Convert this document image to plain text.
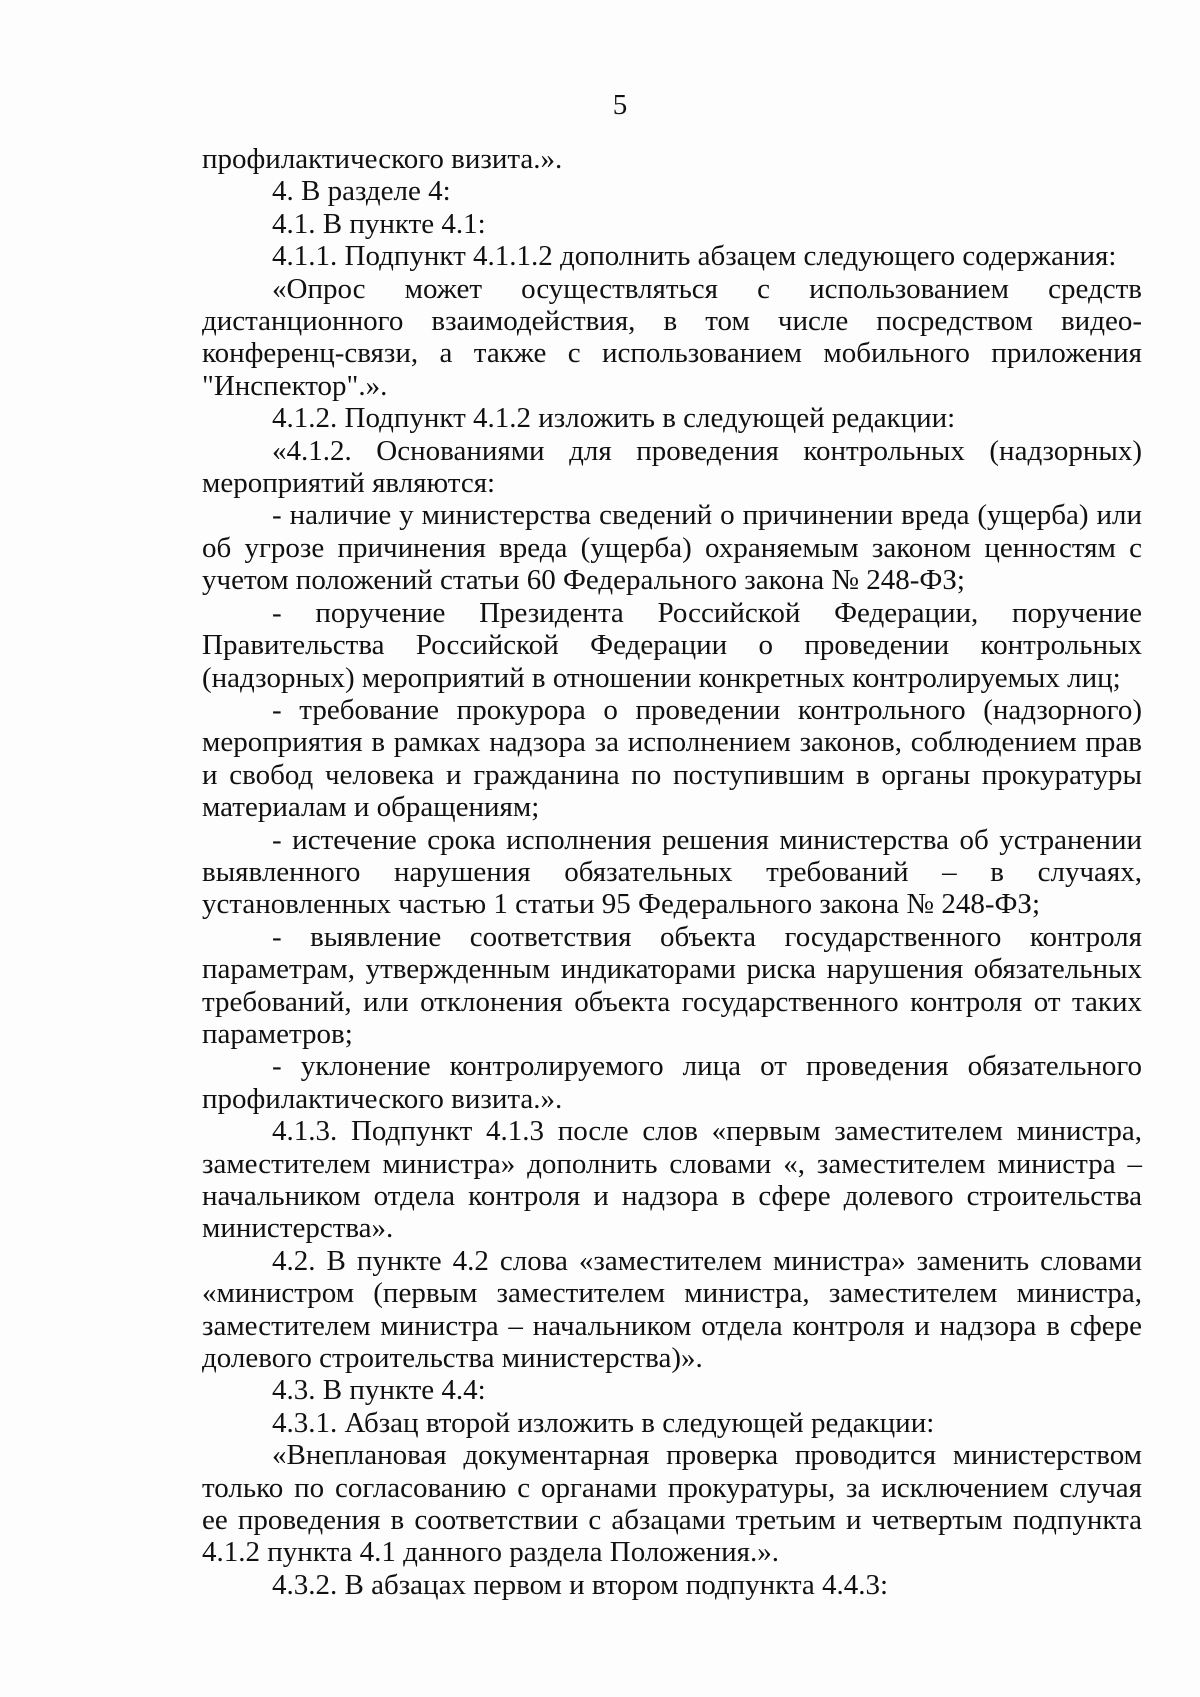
5

профилактического визита.».

4. В разделе 4:

4.1. В пункте 4.1:

4.1.1. Подпункт 4.1.1.2 дополнить абзацем следующего содержания:

«Опрос может осуществляться с использованием средств дистанционного взаимодействия, в том числе посредством видео-конференц-связи, а также с использованием мобильного приложения "Инспектор".».

4.1.2. Подпункт 4.1.2 изложить в следующей редакции:

«4.1.2. Основаниями для проведения контрольных (надзорных) мероприятий являются:

- наличие у министерства сведений о причинении вреда (ущерба) или об угрозе причинения вреда (ущерба) охраняемым законом ценностям с учетом положений статьи 60 Федерального закона № 248-ФЗ;

- поручение Президента Российской Федерации, поручение Правительства Российской Федерации о проведении контрольных (надзорных) мероприятий в отношении конкретных контролируемых лиц;

- требование прокурора о проведении контрольного (надзорного) мероприятия в рамках надзора за исполнением законов, соблюдением прав и свобод человека и гражданина по поступившим в органы прокуратуры материалам и обращениям;

- истечение срока исполнения решения министерства об устранении выявленного нарушения обязательных требований – в случаях, установленных частью 1 статьи 95 Федерального закона № 248-ФЗ;

- выявление соответствия объекта государственного контроля параметрам, утвержденным индикаторами риска нарушения обязательных требований, или отклонения объекта государственного контроля от таких параметров;

- уклонение контролируемого лица от проведения обязательного профилактического визита.».

4.1.3. Подпункт 4.1.3 после слов «первым заместителем министра, заместителем министра» дополнить словами «, заместителем министра – начальником отдела контроля и надзора в сфере долевого строительства министерства».

4.2. В пункте 4.2 слова «заместителем министра» заменить словами «министром (первым заместителем министра, заместителем министра, заместителем министра – начальником отдела контроля и надзора в сфере долевого строительства министерства)».

4.3. В пункте 4.4:

4.3.1. Абзац второй изложить в следующей редакции:

«Внеплановая документарная проверка проводится министерством только по согласованию с органами прокуратуры, за исключением случая ее проведения в соответствии с абзацами третьим и четвертым подпункта 4.1.2 пункта 4.1 данного раздела Положения.».

4.3.2. В абзацах первом и втором подпункта 4.4.3:
